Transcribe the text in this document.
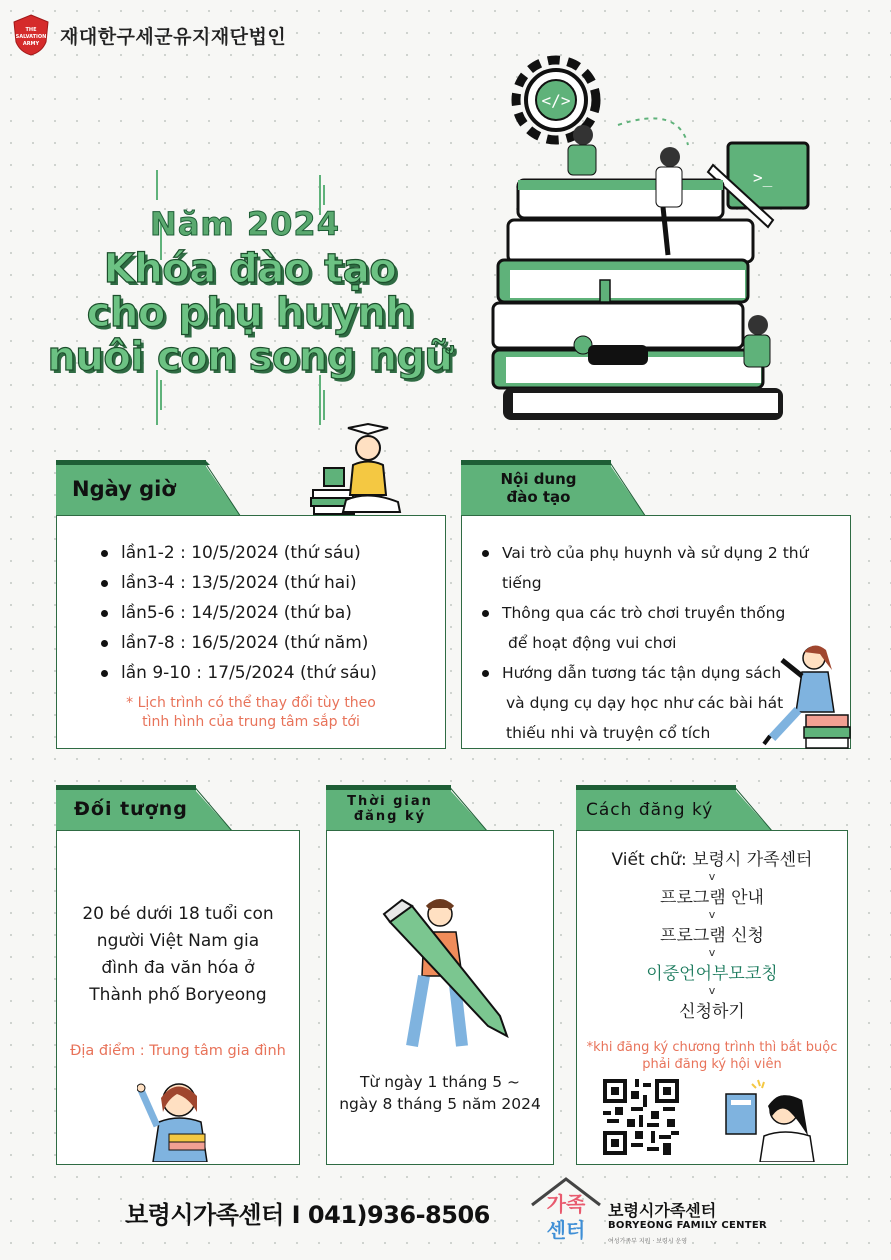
THE
SALVATION
ARMY 재대한구세군유지재단법인
Năm 2024
Khóa đào tạo
cho phụ huynh
nuôi con song ngữ
</>
>_
Ngày giờ
lần1-2 : 10/5/2024 (thứ sáu)
lần3-4 : 13/5/2024 (thứ hai)
lần5-6 : 14/5/2024 (thứ ba)
lần7-8 : 16/5/2024 (thứ năm)
lần 9-10 : 17/5/2024 (thứ sáu)
* Lịch trình có thể thay đổi tùy theo
tình hình của trung tâm sắp tới
Nội dung
đào tạo
Vai trò của phụ huynh và sử dụng 2 thứ tiếng
Thông qua các trò chơi truyền thống
để hoạt động vui chơi
Hướng dẫn tương tác tận dụng sách
và dụng cụ dạy học như các bài hát
thiếu nhi và truyện cổ tích
Đối tượng
20 bé dưới 18 tuổi con
người Việt Nam gia
đình đa văn hóa ở
Thành phố Boryeong
Địa điểm : Trung tâm gia đình
Thời gian
đăng ký
Từ ngày 1 tháng 5 ~
ngày 8 tháng 5 năm 2024
Cách đăng ký
Viết chữ: 보령시 가족센터
v
프로그램 안내
v
프로그램 신청
v
이중언어부모코칭
v
신청하기
*khi đăng ký chương trình thì bắt buộc
phải đăng ký hội viên
보령시가족센터 I 041)936-8506	가족
센터
보령시가족센터
BORYEONG FAMILY CENTER
여성가족부 지원 · 보령시 운영
